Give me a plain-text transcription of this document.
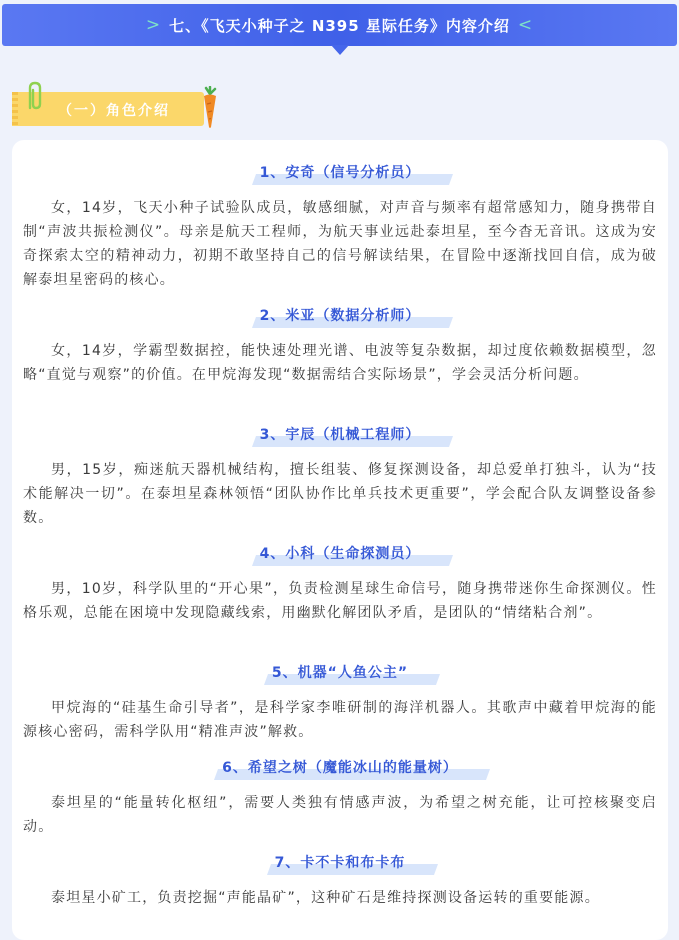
> 七、《飞天小种子之 N395 星际任务》内容介绍 <
（一）角色介绍
1、安奇（信号分析员）
女，14岁，飞天小种子试验队成员，敏感细腻，对声音与频率有超常感知力，随身携带自制“声波共振检测仪”。母亲是航天工程师，为航天事业远赴泰坦星，至今杳无音讯。这成为安奇探索太空的精神动力，初期不敢坚持自己的信号解读结果，在冒险中逐渐找回自信，成为破解泰坦星密码的核心。
2、米亚（数据分析师）
女，14岁，学霸型数据控，能快速处理光谱、电波等复杂数据，却过度依赖数据模型，忽略“直觉与观察”的价值。在甲烷海发现“数据需结合实际场景”，学会灵活分析问题。
3、宇辰（机械工程师）
男，15岁，痴迷航天器机械结构，擅长组装、修复探测设备，却总爱单打独斗，认为“技术能解决一切”。在泰坦星森林领悟“团队协作比单兵技术更重要”，学会配合队友调整设备参数。
4、小科（生命探测员）
男，10岁，科学队里的“开心果”，负责检测星球生命信号，随身携带迷你生命探测仪。性格乐观，总能在困境中发现隐藏线索，用幽默化解团队矛盾，是团队的“情绪粘合剂”。
5、机器“人鱼公主”
甲烷海的“硅基生命引导者”，是科学家李唯研制的海洋机器人。其歌声中藏着甲烷海的能源核心密码，需科学队用“精准声波”解救。
6、希望之树（魔能冰山的能量树）
泰坦星的“能量转化枢纽”，需要人类独有情感声波，为希望之树充能，让可控核聚变启动。
7、卡不卡和布卡布
泰坦星小矿工，负责挖掘“声能晶矿”，这种矿石是维持探测设备运转的重要能源。
